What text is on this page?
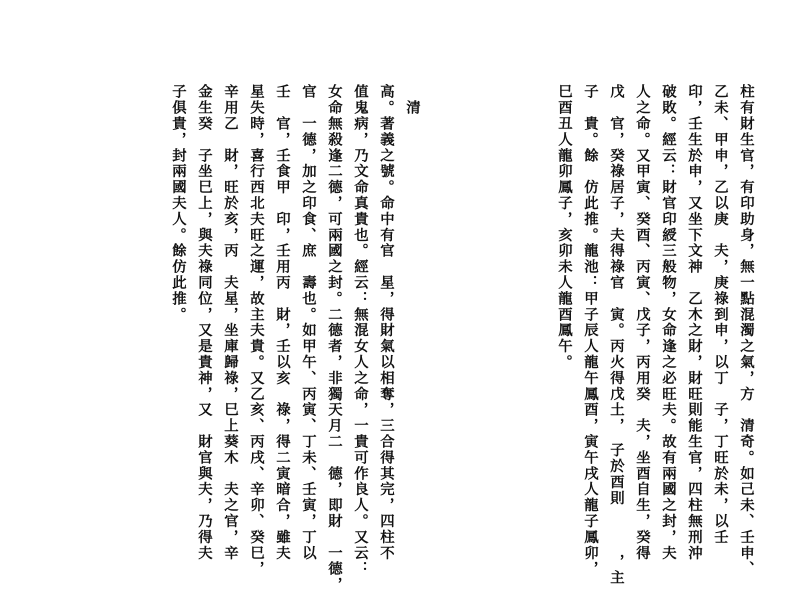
柱有財生官，有印助身，無一點混濁之氣，方　清奇。如己未、壬申、
乙未、甲申，乙以庚　夫，庚祿到申，以丁　子，丁旺於未，以壬
印，壬生於申，又坐下文神　乙木之財，財旺則能生官，四柱無刑沖
破敗。經云：財官印綬三般物，女命逢之必旺夫。故有兩國之封，夫
人之命。又甲寅、癸酉、丙寅、戊子，丙用癸　夫，坐酉自生，癸得
戊　官，癸祿居子，夫得祿官　寅。丙火得戊土，　子於酉則　　　，主
子　貴。餘　仿此推。龍池：甲子辰人龍午鳳酉，寅午戌人龍子鳳卯，
巳酉丑人龍卯鳳子，亥卯未人龍酉鳳午。
　清
高。著義之號。命中有官　星，得財氣以相奪，三合得其完，四柱不
值鬼病，乃文命真貴也。經云：無混女人之命，一貴可作良人。又云：
女命無殺逢二德，可兩國之封。二德者，非獨天月二　德，即財　一德，
官　一德，加之印食、庶　壽也。如甲午、丙寅、丁未、壬寅，丁以
壬　官，壬食甲　印，壬用丙　財，壬以亥　祿，得二寅暗合，雖夫
星失時，喜行西北夫旺之運，故主夫貴。又乙亥、丙戌、辛卯、癸巳，
辛用乙　財，旺於亥，丙　夫星，坐庫歸祿，巳上葵木　夫之官，辛
金生癸　子坐巳上，與夫祿同位，又是貴神，又　財官與夫，乃得夫
子俱貴，封兩國夫人。餘仿此推。
